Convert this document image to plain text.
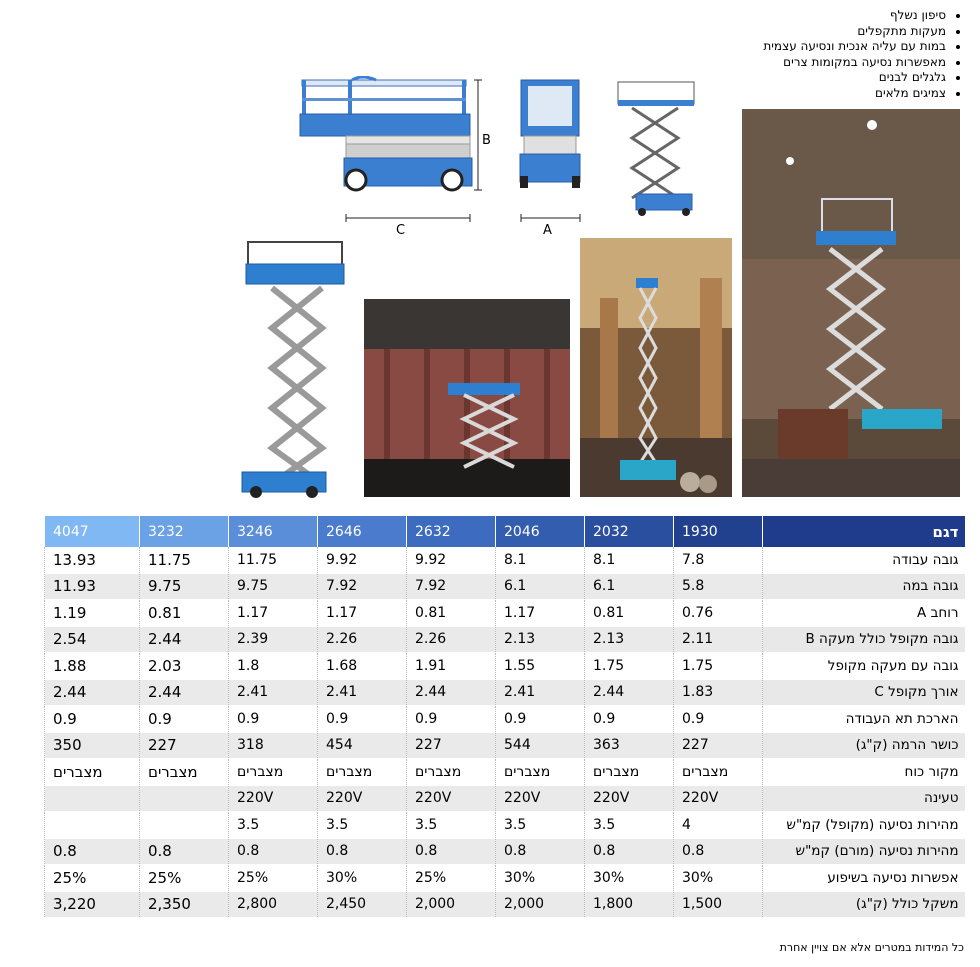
• סיפון נשלף
• מעקות מתקפלים
• במות עם עליה אנכית ונסיעה עצמית
• מאפשרות נסיעה במקומות צרים
• גלגלים לבנים
• צמיגים מלאים
B
C	A
דגם	1930	2032	2046	2632	2646	3246	3232	4047
גובה עבודה	7.8	8.1	8.1	9.92	9.92	11.75	11.75	13.93
גובה במה	5.8	6.1	6.1	7.92	7.92	9.75	9.75	11.93
רוחב A	0.76	0.81	1.17	0.81	1.17	1.17	0.81	1.19
גובה מקופל כולל מעקה B	2.11	2.13	2.13	2.26	2.26	2.39	2.44	2.54
גובה עם מעקה מקופל	1.75	1.75	1.55	1.91	1.68	1.8	2.03	1.88
אורך מקופל C	1.83	2.44	2.41	2.44	2.41	2.41	2.44	2.44
הארכת תא העבודה	0.9	0.9	0.9	0.9	0.9	0.9	0.9	0.9
כושר הרמה (ק"ג)	227	363	544	227	454	318	227	350
מקור כוח	מצברים	מצברים	מצברים	מצברים	מצברים	מצברים	מצברים	מצברים
טעינה	220V	220V	220V	220V	220V	220V		
מהירות נסיעה (מקופל) קמ"ש	4	3.5	3.5	3.5	3.5	3.5		
מהירות נסיעה (מורם) קמ"ש	0.8	0.8	0.8	0.8	0.8	0.8	0.8	0.8
אפשרות נסיעה בשיפוע	30%	30%	30%	25%	30%	25%	25%	25%
משקל כולל (ק"ג)	1,500	1,800	2,000	2,000	2,450	2,800	2,350	3,220
כל המידות במטרים אלא אם צויין אחרת
